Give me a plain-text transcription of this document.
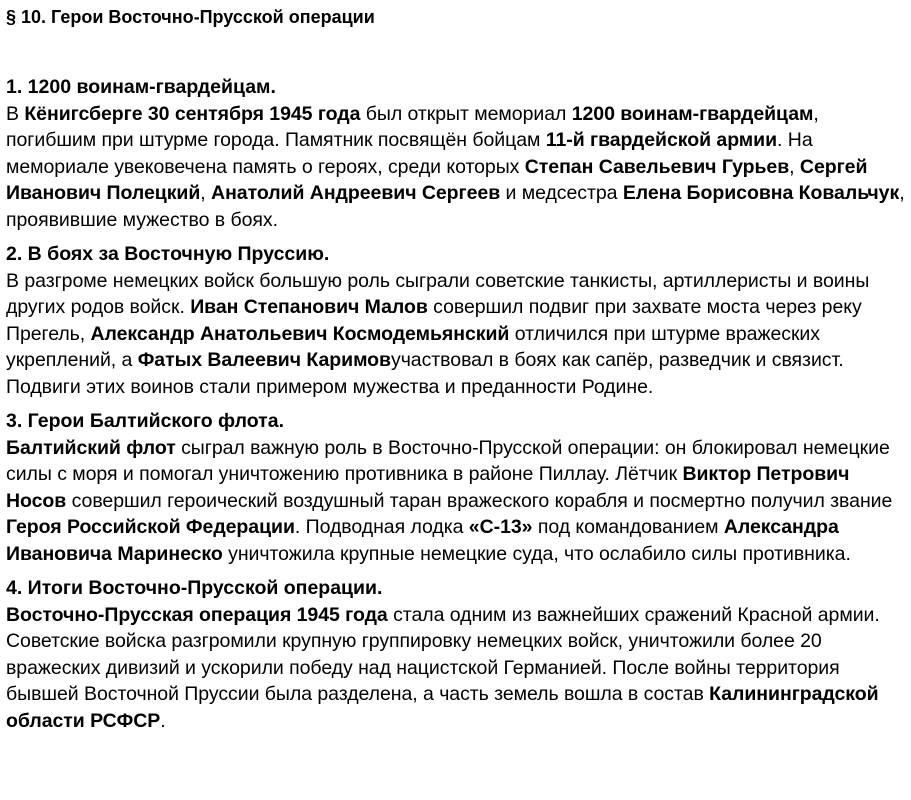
§ 10. Герои Восточно-Прусской операции
1. 1200 воинам-гвардейцам.
В Кёнигсберге 30 сентября 1945 года был открыт мемориал 1200 воинам-гвардейцам, погибшим при штурме города. Памятник посвящён бойцам 11-й гвардейской армии. На мемориале увековечена память о героях, среди которых Степан Савельевич Гурьев, Сергей Иванович Полецкий, Анатолий Андреевич Сергеев и медсестра Елена Борисовна Ковальчук, проявившие мужество в боях.
2. В боях за Восточную Пруссию.
В разгроме немецких войск большую роль сыграли советские танкисты, артиллеристы и воины других родов войск. Иван Степанович Малов совершил подвиг при захвате моста через реку Прегель, Александр Анатольевич Космодемьянский отличился при штурме вражеских укреплений, а Фатых Валеевич Каримовучаствовал в боях как сапёр, разведчик и связист. Подвиги этих воинов стали примером мужества и преданности Родине.
3. Герои Балтийского флота.
Балтийский флот сыграл важную роль в Восточно-Прусской операции: он блокировал немецкие силы с моря и помогал уничтожению противника в районе Пиллау. Лётчик Виктор Петрович Носов совершил героический воздушный таран вражеского корабля и посмертно получил звание Героя Российской Федерации. Подводная лодка «С-13» под командованием Александра Ивановича Маринеско уничтожила крупные немецкие суда, что ослабило силы противника.
4. Итоги Восточно-Прусской операции.
Восточно-Прусская операция 1945 года стала одним из важнейших сражений Красной армии. Советские войска разгромили крупную группировку немецких войск, уничтожили более 20 вражеских дивизий и ускорили победу над нацистской Германией. После войны территория бывшей Восточной Пруссии была разделена, а часть земель вошла в состав Калининградской области РСФСР.
